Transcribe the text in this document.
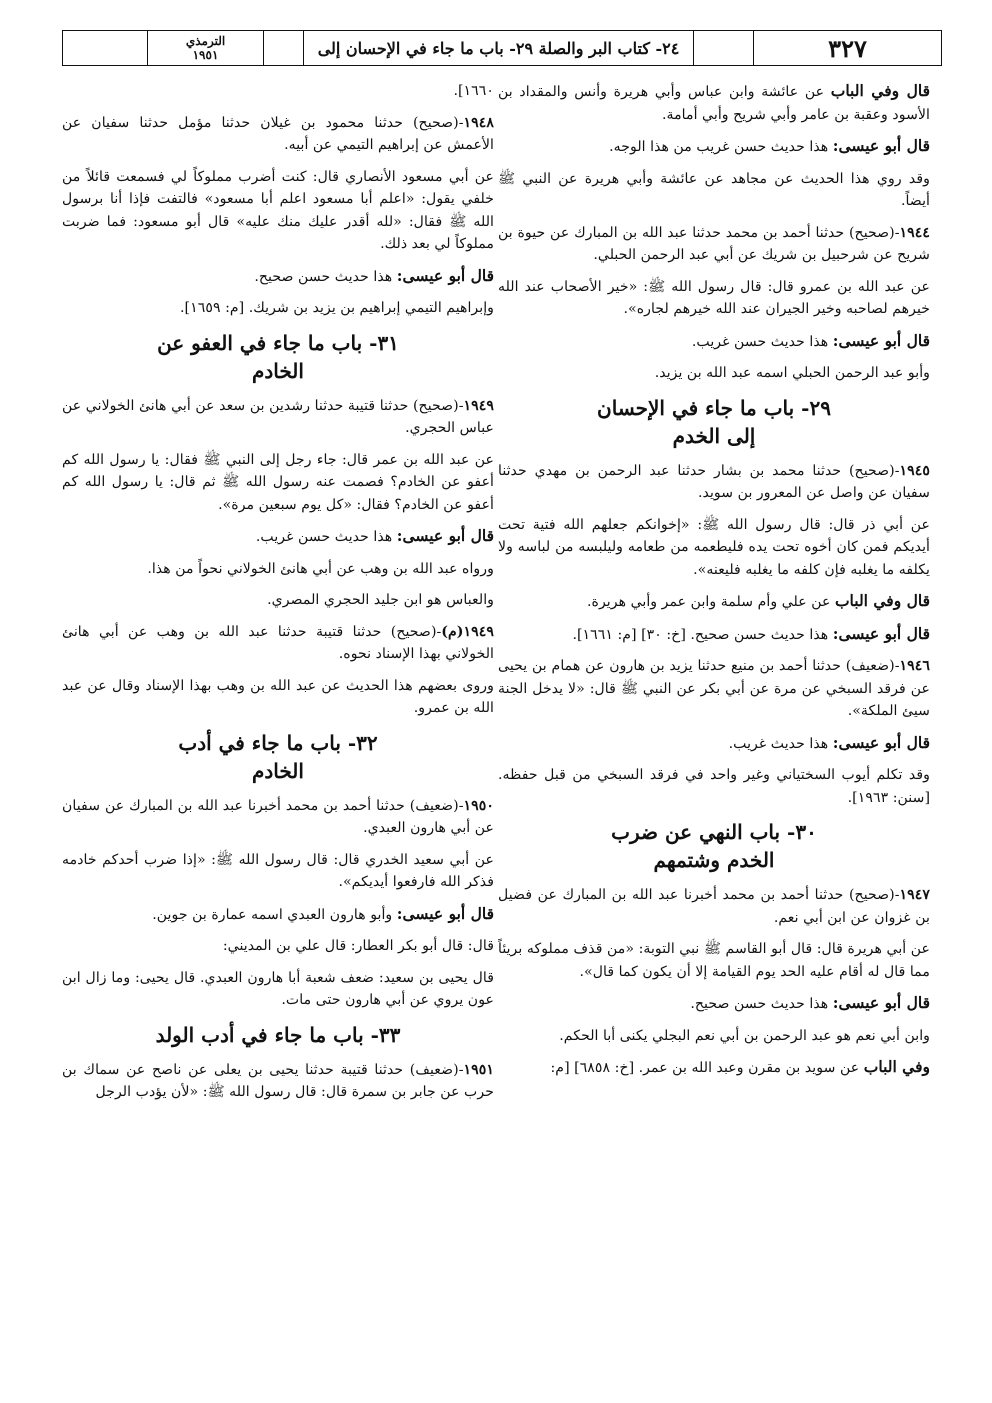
٣٢٧
٢٤- كتاب البر والصلة ٢٩- باب ما جاء في الإحسان إلى
الترمذي
١٩٥١

قال وفي الباب عن عائشة وابن عباس وأبي هريرة وأنس والمقداد بن الأسود وعقبة بن عامر وأبي شريح وأبي أمامة.

قال أبو عيسى: هذا حديث حسن غريب من هذا الوجه.

وقد روي هذا الحديث عن مجاهد عن عائشة وأبي هريرة عن النبي ﷺ أيضاً.

١٩٤٤-(صحيح) حدثنا أحمد بن محمد حدثنا عبد الله بن المبارك عن حيوة بن شريح عن شرحبيل بن شريك عن أبي عبد الرحمن الحبلي.

عن عبد الله بن عمرو قال: قال رسول الله ﷺ: «خير الأصحاب عند الله خيرهم لصاحبه وخير الجيران عند الله خيرهم لجاره».

قال أبو عيسى: هذا حديث حسن غريب.

وأبو عبد الرحمن الحبلي اسمه عبد الله بن يزيد.

٢٩- باب ما جاء في الإحسان
إلى الخدم

١٩٤٥-(صحيح) حدثنا محمد بن بشار حدثنا عبد الرحمن بن مهدي حدثنا سفيان عن واصل عن المعرور بن سويد.

عن أبي ذر قال: قال رسول الله ﷺ: «إخوانكم جعلهم الله فتية تحت أيديكم فمن كان أخوه تحت يده فليطعمه من طعامه وليلبسه من لباسه ولا يكلفه ما يغلبه فإن كلفه ما يغلبه فليعنه».

قال وفي الباب عن علي وأم سلمة وابن عمر وأبي هريرة.

قال أبو عيسى: هذا حديث حسن صحيح. [خ: ٣٠] [م: ١٦٦١].

١٩٤٦-(ضعيف) حدثنا أحمد بن منيع حدثنا يزيد بن هارون عن همام بن يحيى عن فرقد السبخي عن مرة عن أبي بكر عن النبي ﷺ قال: «لا يدخل الجنة سيئ الملكة».

قال أبو عيسى: هذا حديث غريب.

وقد تكلم أيوب السختياني وغير واحد في فرقد السبخي من قبل حفظه. [سنن: ١٩٦٣].

٣٠- باب النهي عن ضرب
الخدم وشتمهم

١٩٤٧-(صحيح) حدثنا أحمد بن محمد أخبرنا عبد الله بن المبارك عن فضيل بن غزوان عن ابن أبي نعم.

عن أبي هريرة قال: قال أبو القاسم ﷺ نبي التوبة: «من قذف مملوكه بريئاً مما قال له أقام عليه الحد يوم القيامة إلا أن يكون كما قال».

قال أبو عيسى: هذا حديث حسن صحيح.

وابن أبي نعم هو عبد الرحمن بن أبي نعم البجلي يكنى أبا الحكم.

وفي الباب عن سويد بن مقرن وعبد الله بن عمر. [خ: ٦٨٥٨] [م:

١٦٦٠].

١٩٤٨-(صحيح) حدثنا محمود بن غيلان حدثنا مؤمل حدثنا سفيان عن الأعمش عن إبراهيم التيمي عن أبيه.

عن أبي مسعود الأنصاري قال: كنت أضرب مملوكاً لي فسمعت قائلاً من خلفي يقول: «اعلم أبا مسعود اعلم أبا مسعود» فالتفت فإذا أنا برسول الله ﷺ فقال: «لله أقدر عليك منك عليه» قال أبو مسعود: فما ضربت مملوكاً لي بعد ذلك.

قال أبو عيسى: هذا حديث حسن صحيح.

وإبراهيم التيمي إبراهيم بن يزيد بن شريك. [م: ١٦٥٩].

٣١- باب ما جاء في العفو عن
الخادم

١٩٤٩-(صحيح) حدثنا قتيبة حدثنا رشدين بن سعد عن أبي هانئ الخولاني عن عباس الحجري.

عن عبد الله بن عمر قال: جاء رجل إلى النبي ﷺ فقال: يا رسول الله كم أعفو عن الخادم؟ فصمت عنه رسول الله ﷺ ثم قال: يا رسول الله كم أعفو عن الخادم؟ فقال: «كل يوم سبعين مرة».

قال أبو عيسى: هذا حديث حسن غريب.

ورواه عبد الله بن وهب عن أبي هانئ الخولاني نحواً من هذا.

والعباس هو ابن جليد الحجري المصري.

١٩٤٩(م)-(صحيح) حدثنا قتيبة حدثنا عبد الله بن وهب عن أبي هانئ الخولاني بهذا الإسناد نحوه.

وروى بعضهم هذا الحديث عن عبد الله بن وهب بهذا الإسناد وقال عن عبد الله بن عمرو.

٣٢- باب ما جاء في أدب
الخادم

١٩٥٠-(ضعيف) حدثنا أحمد بن محمد أخبرنا عبد الله بن المبارك عن سفيان عن أبي هارون العبدي.

عن أبي سعيد الخدري قال: قال رسول الله ﷺ: «إذا ضرب أحدكم خادمه فذكر الله فارفعوا أيديكم».

قال أبو عيسى: وأبو هارون العبدي اسمه عمارة بن جوين.

قال: قال أبو بكر العطار: قال علي بن المديني:

قال يحيى بن سعيد: ضعف شعبة أبا هارون العبدي. قال يحيى: وما زال ابن عون يروي عن أبي هارون حتى مات.

٣٣- باب ما جاء في أدب الولد

١٩٥١-(ضعيف) حدثنا قتيبة حدثنا يحيى بن يعلى عن ناصح عن سماك بن حرب عن جابر بن سمرة قال: قال رسول الله ﷺ: «لأن يؤدب الرجل
